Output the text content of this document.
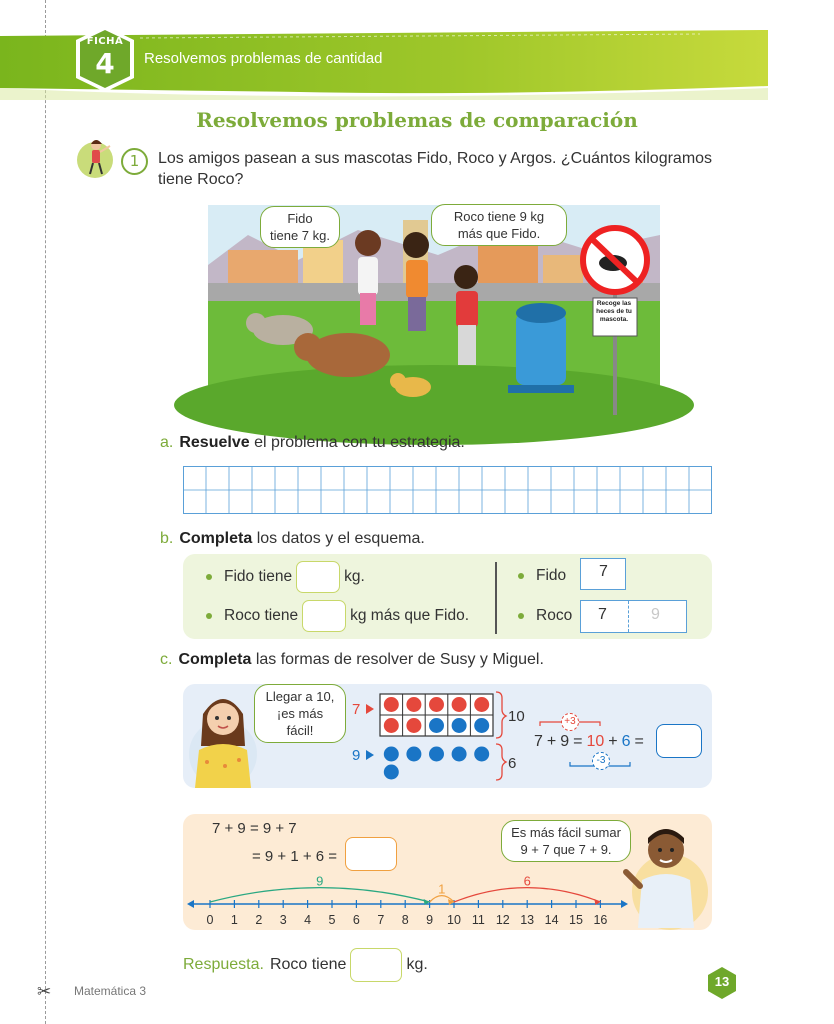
✂
FICHA
4	Resolvemos problemas de cantidad
Resolvemos problemas de comparación
1	Los amigos pasean a sus mascotas Fido, Roco y Argos. ¿Cuántos kilogramos tiene Roco?
Fido
tiene 7 kg.
Roco tiene 9 kg
más que Fido.
Recoge las
heces de tu
mascota.
a. Resuelve el problema con tu estrategia.
b. Completa los datos y el esquema.
Fido tiene	kg.
Roco tiene	kg más que Fido.
Fido	7
Roco 7	9
c. Completa las formas de resolver de Susy y Miguel.
Llegar a 10,
¡es más fácil!
7
9
10
6
+3
-3
7 + 9 = 10 + 6 =
7 + 9 = 9 + 7
= 9 + 1 + 6 =
Es más fácil sumar
9 + 7 que 7 + 9.
0 1 2 3 4 5 6 7 8 9 10 11 12 13 14 15 16
9
1
6
Respuesta. Roco tiene	kg.
Matemática 3
13
